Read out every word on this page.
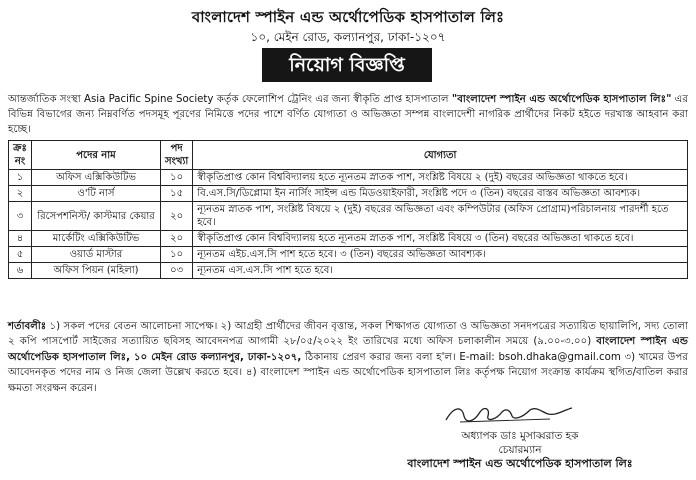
বাংলাদেশ স্পাইন এন্ড অর্থোপেডিক হাসপাতাল লিঃ
১০, মেইন রোড, কল্যানপুর, ঢাকা-১২০৭
নিয়োগ বিজ্ঞপ্তি
আন্তর্জাতিক সংস্থা Asia Pacific Spine Society কর্তৃক ফেলোশিপ ট্রেনিং এর জন্য স্বীকৃতি প্রাপ্ত হাসপাতাল "বাংলাদেশ স্পাইন এন্ড অর্থোপেডিক হাসপাতাল লিঃ" এর বিভিন্ন বিভাগের জন্য নিম্নবর্ণিত পদসমূহ পূরণের নিমিত্তে পদের পাশে বর্ণিত যোগ্যতা ও অভিজ্ঞতা সম্পন্ন বাংলাদেশী নাগরিক প্রার্থীদের নিকট হইতে দরখাস্ত আহবান করা হচ্ছে।
ক্রঃ নং	পদের নাম	পদ সংখ্যা	যোগ্যতা
১	অফিস এক্সিকিউটিভ	১০	স্বীকৃতিপ্রাপ্ত কোন বিশ্ববিদ্যালয় হতে ন্যূনতম স্নাতক পাশ, সংশ্লিষ্ট বিষয়ে ২ (দুই) বছরের অভিজ্ঞতা থাকতে হবে।
২	ও'টি নার্স	১৫	বি.এস.সি/ডিপ্লোমা ইন নার্সিং সাইন্স এন্ড মিডওয়াইফারী, সংশ্লিষ্ট পদে ৩ (তিন) বছরের বাস্তব অভিজ্ঞতা আবশ্যক।
৩	রিসেপশনিস্ট/ কাস্টমার কেয়ার	২০	ন্যূনতম স্নাতক পাশ, সংশ্লিষ্ট বিষয়ে ২ (দুই) বছরের অভিজ্ঞতা এবং কম্পিউটার (অফিস প্রোগ্রাম)পরিচালনায় পারদর্শী হতে হবে।
৪	মার্কেটিং এক্সিকিউটিভ	২০	স্বীকৃতিপ্রাপ্ত কোন বিশ্ববিদ্যালয় হতে ন্যূনতম স্নাতক পাশ, সংশ্লিষ্ট বিষয়ে ৩ (তিন) বছরের অভিজ্ঞতা থাকতে হবে।
৫	ওয়ার্ড মাস্টার	১০	ন্যূনতম এইচ.এস.সি পাশ হতে হবে। ৩ (তিন) বছরের অভিজ্ঞতা আবশ্যক।
৬	অফিস পিয়ন (মহিলা)	০৩	ন্যূনতম এস.এস.সি পাশ হতে হবে।
শর্তাবলীঃ ১) সকল পদের বেতন আলোচনা সাপেক্ষ। ২) আগ্রহী প্রার্থীদের জীবন বৃত্তান্ত, সকল শিক্ষাগত যোগ্যতা ও অভিজ্ঞতা সনদপত্রের সত্যায়িত ছায়ালিপি, সদ্য তোলা ২ কপি পাসপোর্ট সাইজের সত্যায়িত ছবিসহ আবেদনপত্র আগামী ২৮/০৫/২০২২ ইং তারিখের মধ্যে অফিস চলাকালীন সময়ে (৯.০০-৩.০০) বাংলাদেশ স্পাইন এন্ড অর্থোপেডিক হাসপাতাল লিঃ, ১০ মেইন রোড কল্যানপুর, ঢাকা-১২০৭, ঠিকানায় প্রেরণ করার জন্য বলা হ'ল। E-mail: bsoh.dhaka@gmail.com ৩) খামের উপর আবেদনকৃত পদের নাম ও নিজ জেলা উল্লেখ করতে হবে। ৪) বাংলাদেশ স্পাইন এন্ড অর্থোপেডিক হাসপাতাল লিঃ কর্তৃপক্ষ নিয়োগ সংক্রান্ত কার্যক্রম স্থগিত/বাতিল করার ক্ষমতা সংরক্ষন করেন।
অধ্যাপক ডাঃ মুসাব্বরাত হক
চেয়ারম্যান
বাংলাদেশ স্পাইন এন্ড অর্থোপেডিক হাসপাতাল লিঃ
